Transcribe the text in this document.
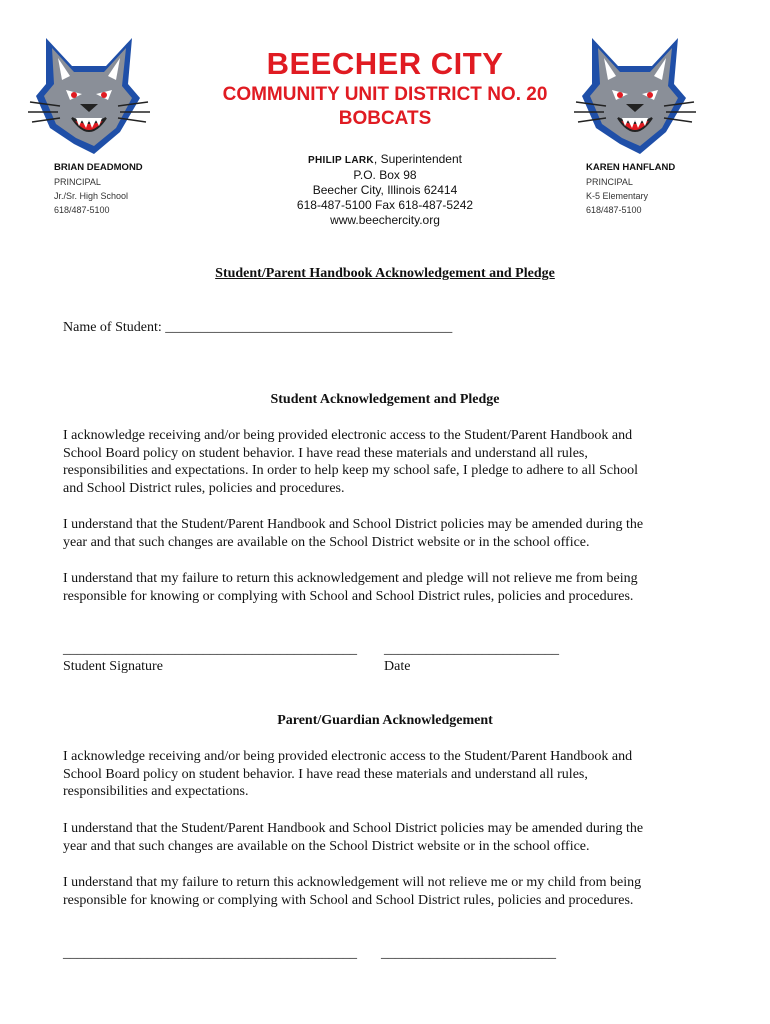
BEECHER CITY
COMMUNITY UNIT DISTRICT NO. 20
BOBCATS
BRIAN DEADMOND
PRINCIPAL
Jr./Sr. High School
618/487-5100
KAREN HANFLAND
PRINCIPAL
K-5 Elementary
618/487-5100
PHILIP LARK, Superintendent
P.O. Box 98
Beecher City, Illinois 62414
618-487-5100 Fax 618-487-5242
www.beechercity.org
Student/Parent Handbook Acknowledgement and Pledge
Name of Student: _________________________________________
Student Acknowledgement and Pledge

I acknowledge receiving and/or being provided electronic access to the Student/Parent Handbook and

School Board policy on student behavior. I have read these materials and understand all rules,

responsibilities and expectations. In order to help keep my school safe, I pledge to adhere to all School

and School District rules, policies and procedures.

I understand that the Student/Parent Handbook and School District policies may be amended during the

year and that such changes are available on the School District website or in the school office.

I understand that my failure to return this acknowledgement and pledge will not relieve me from being

responsible for knowing or complying with School and School District rules, policies and procedures.

__________________________________________ _________________________
Student Signature	Date
Parent/Guardian Acknowledgement

I acknowledge receiving and/or being provided electronic access to the Student/Parent Handbook and

School Board policy on student behavior. I have read these materials and understand all rules,

responsibilities and expectations.

I understand that the Student/Parent Handbook and School District policies may be amended during the

year and that such changes are available on the School District website or in the school office.

I understand that my failure to return this acknowledgement will not relieve me or my child from being

responsible for knowing or complying with School and School District rules, policies and procedures.

__________________________________________ _________________________
